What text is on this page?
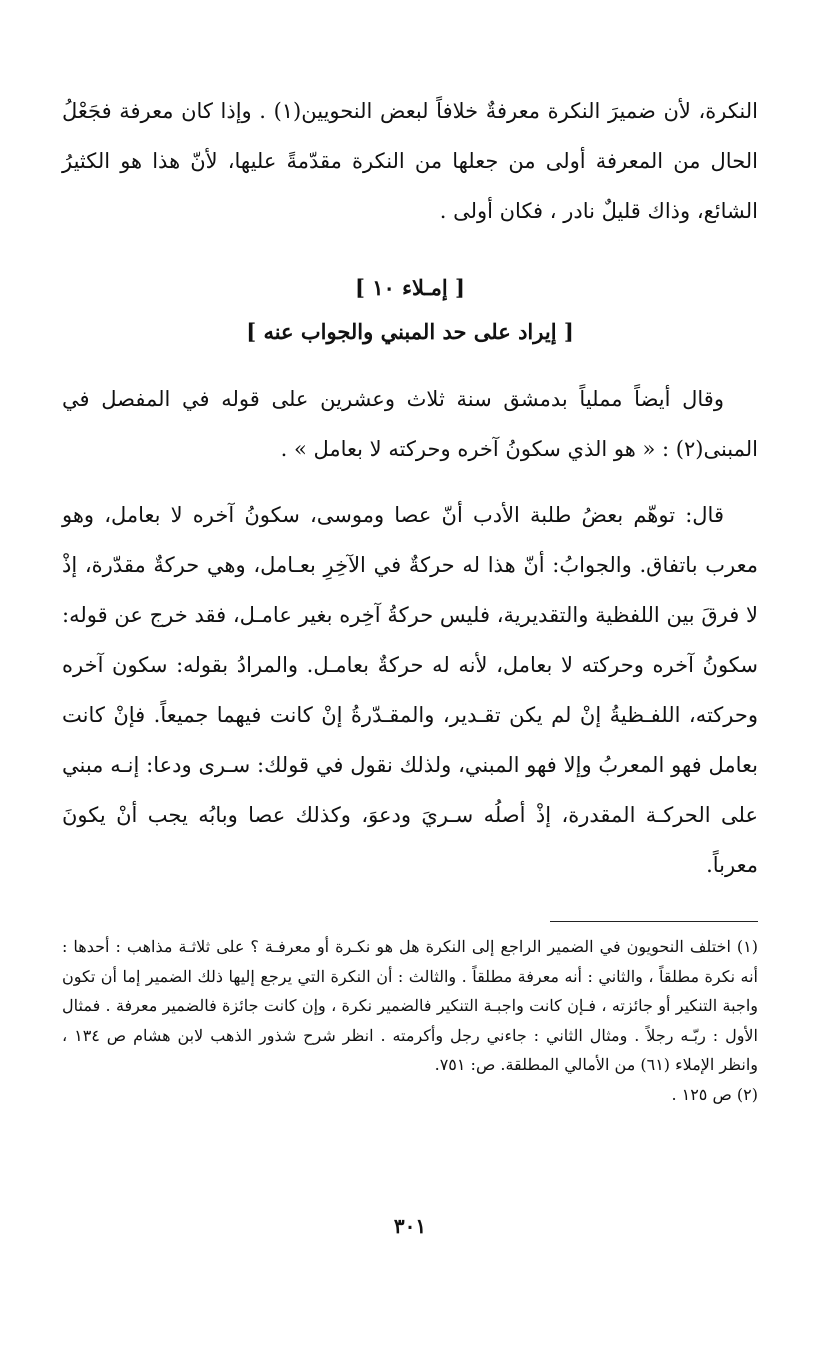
النكرة، لأن ضميرَ النكرة معرفةٌ خلافاً لبعض النحويين(١) . وإذا كان معرفة فجَعْلُ الحال من المعرفة أولى من جعلها من النكرة مقدّمةً عليها، لأنّ هذا هو الكثيرُ الشائع، وذاك قليلٌ نادر ، فكان أولى .

[ إمـلاء ١٠ ]

[ إيراد على حد المبني والجواب عنه ]

وقال أيضاً مملياً بدمشق سنة ثلاث وعشرين على قوله في المفصل في المبنى(٢) : « هو الذي سكونُ آخره وحركته لا بعامل » .

قال: توهّم بعضُ طلبة الأدب أنّ عصا وموسى، سكونُ آخره لا بعامل، وهو معرب باتفاق. والجوابُ: أنّ هذا له حركةٌ في الآخِرِ بعـامل، وهي حركةٌ مقدّرة، إذْ لا فرقَ بين اللفظية والتقديرية، فليس حركةُ آخِره بغير عامـل، فقد خرج عن قوله: سكونُ آخره وحركته لا بعامل، لأنه له حركةٌ بعامـل. والمرادُ بقوله: سكون آخره وحركته، اللفـظيةُ إنْ لم يكن تقـدير، والمقـدّرةُ إنْ كانت فيهما جميعاً. فإنْ كانت بعامل فهو المعربُ وإلا فهو المبني، ولذلك نقول في قولك: سـرى ودعا: إنـه مبني على الحركـة المقدرة، إذْ أصلُه سـريَ ودعوَ، وكذلك عصا وبابُه يجب أنْ يكونَ معرباً.

(١) اختلف النحويون في الضمير الراجع إلى النكرة هل هو نكـرة أو معرفـة ؟ على ثلاثـة مذاهب : أحدها : أنه نكرة مطلقاً ، والثاني : أنه معرفة مطلقاً . والثالث : أن النكرة التي يرجع إليها ذلك الضمير إما أن تكون واجبة التنكير أو جائزته ، فـإن كانت واجبـة التنكير فالضمير نكرة ، وإن كانت جائزة فالضمير معرفة . فمثال الأول : ربّـه رجلاً . ومثال الثاني : جاءني رجل وأكرمته . انظر شرح شذور الذهب لابن هشام ص ١٣٤ ، وانظر الإملاء (٦١) من الأمالي المطلقة. ص: ٧٥١.

(٢) ص ١٢٥ .

٣٠١
